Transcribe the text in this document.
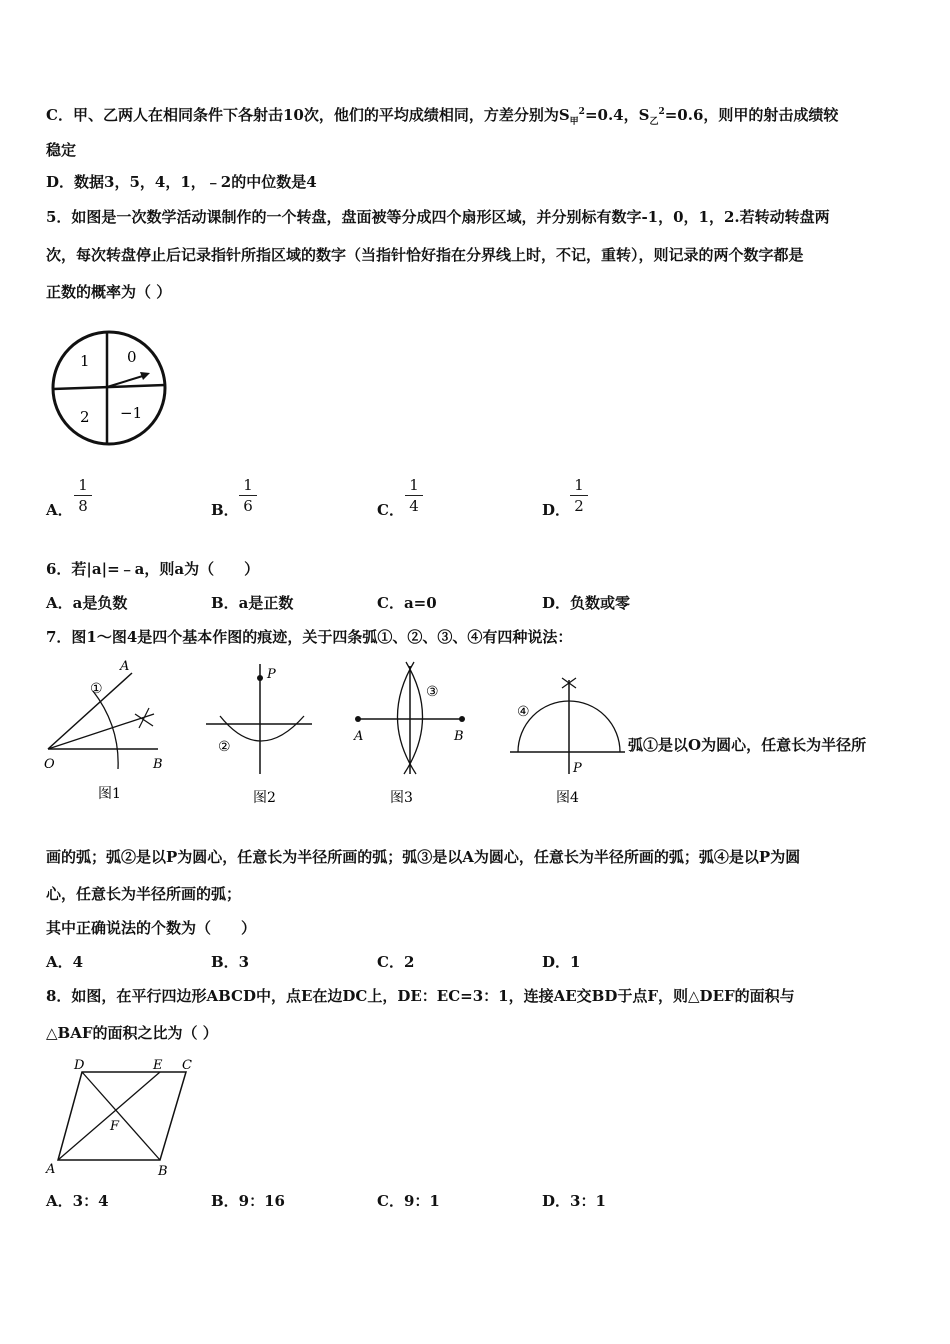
C．甲、乙两人在相同条件下各射击10次，他们的平均成绩相同，方差分别为$S_甲^2=0.4$，$S_乙^2=0.6$，则甲的射击成绩较
稳定
D．数据3，5，4，1，﹣2的中位数是4
5．如图是一次数学活动课制作的一个转盘，盘面被等分成四个扇形区域，并分别标有数字-1，0，1，2.若转动转盘两
次，每次转盘停止后记录指针所指区域的数字（当指针恰好指在分界线上时，不记，重转），则记录的两个数字都是
正数的概率为（ ）
1 0
2 −1
A．
1
8	B．
1
6	C．
1
4	D．
1
2
6．若|a|=﹣a，则a为（　　）
A．a是负数	B．a是正数	C．a=0	D．负数或零
7．图1～图4是四个基本作图的痕迹，关于四条弧①、②、③、④有四种说法：
A
①
O	B
图1
P
②
图2
③
A	B
图3
④
P
图4
弧①是以O为圆心，任意长为半径所
画的弧；弧②是以P为圆心，任意长为半径所画的弧；弧③是以A为圆心，任意长为半径所画的弧；弧④是以P为圆
心，任意长为半径所画的弧；
其中正确说法的个数为（　　）
A．4	B．3	C．2	D．1
8．如图，在平行四边形ABCD中，点E在边DC上，DE：EC=3：1，连接AE交BD于点F，则△DEF的面积与
△BAF的面积之比为（ ）
D	E C
F
A	B
A．3：4	B．9：16	C．9：1	D．3：1
